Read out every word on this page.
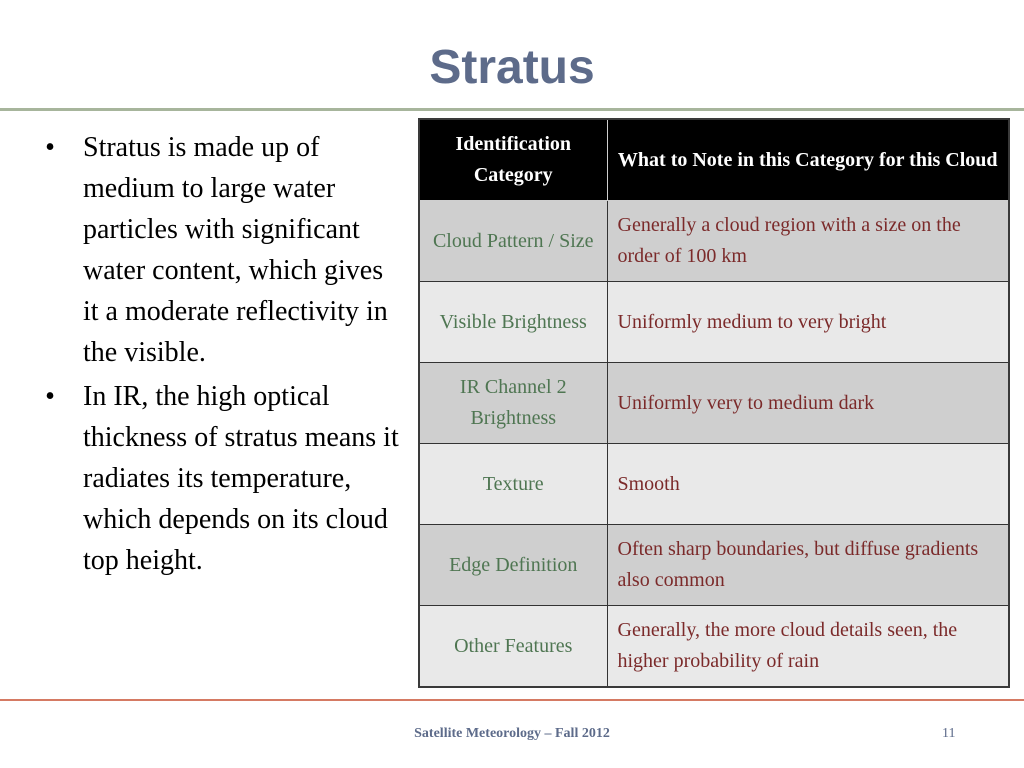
Stratus
• Stratus is made up of medium to large water particles with significant water content, which gives it a moderate reflectivity in the visible.
• In IR, the high optical thickness of stratus means it radiates its temperature, which depends on its cloud top height.
Identification Category	What to Note in this Category for this Cloud
Cloud Pattern / Size	Generally a cloud region with a size on the order of 100 km
Visible Brightness	Uniformly medium to very bright
IR Channel 2 Brightness	Uniformly very to medium dark
Texture	Smooth
Edge Definition	Often sharp boundaries, but diffuse gradients also common
Other Features	Generally, the more cloud details seen, the higher probability of rain
Satellite Meteorology – Fall 2012	11
